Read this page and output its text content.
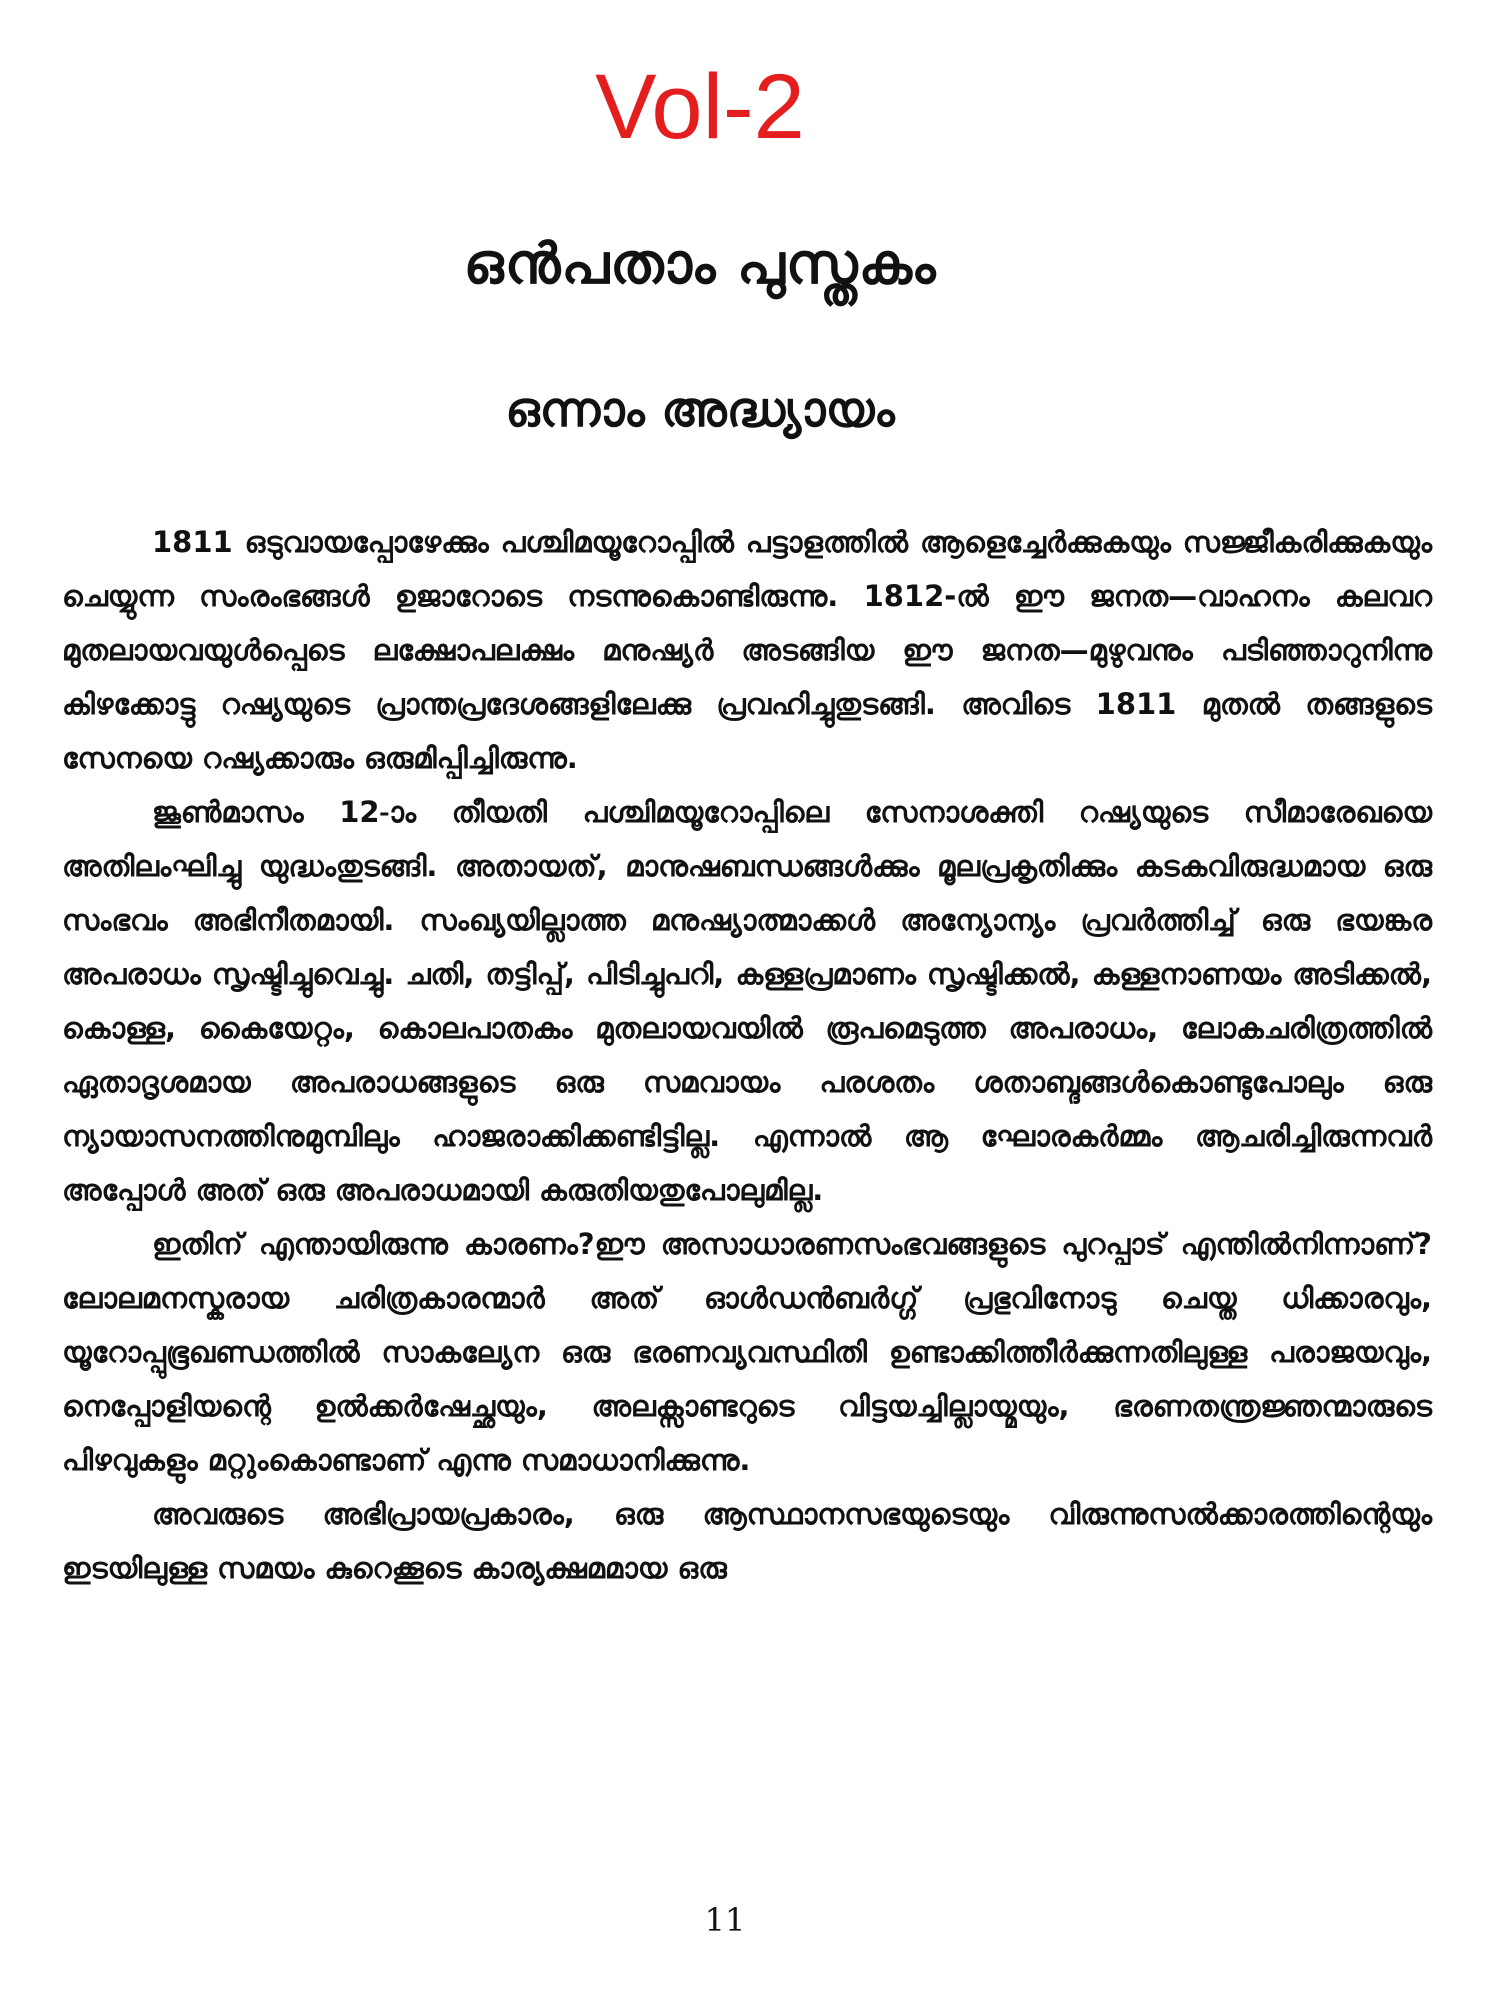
Vol-2
ഒൻപതാം പുസ്തകം
ഒന്നാം അദ്ധ്യായം

1811 ഒടുവായപ്പോഴേക്കും പശ്ചിമയൂറോപ്പിൽ പട്ടാളത്തിൽ ആളെച്ചേർക്കുകയും സജ്ജീകരിക്കുകയും ചെയ്യുന്ന സംരംഭങ്ങൾ ഉജാറോടെ നടന്നുകൊണ്ടിരുന്നു. 1812-ൽ ഈ ജനത—വാഹനം കലവറ മുതലായവയുൾപ്പെടെ ലക്ഷോപലക്ഷം മനുഷ്യർ അടങ്ങിയ ഈ ജനത—മുഴുവനും പടിഞ്ഞാറുനിന്നു കിഴക്കോട്ടു റഷ്യയുടെ പ്രാന്തപ്രദേശങ്ങളിലേക്കു പ്രവഹിച്ചുതുടങ്ങി. അവിടെ 1811 മുതൽ തങ്ങളുടെ സേനയെ റഷ്യക്കാരും ഒരുമിപ്പിച്ചിരുന്നു.

ജൂൺമാസം 12-ാം തീയതി പശ്ചിമയൂറോപ്പിലെ സേനാശക്തി റഷ്യയുടെ സീമാരേഖയെ അതിലംഘിച്ചു യുദ്ധംതുടങ്ങി. അതായത്, മാനുഷബന്ധങ്ങൾക്കും മൂലപ്രകൃതിക്കും കടകവിരുദ്ധമായ ഒരു സംഭവം അഭിനീതമായി. സംഖ്യയില്ലാത്ത മനുഷ്യാത്മാക്കൾ അന്യോന്യം പ്രവർത്തിച്ച് ഒരു ഭയങ്കര അപരാധം സൃഷ്ടിച്ചുവെച്ചു. ചതി, തട്ടിപ്പ്, പിടിച്ചുപറി, കള്ളപ്രമാണം സൃഷ്ടിക്കൽ, കള്ളനാണയം അടിക്കൽ, കൊള്ള, കൈയേറ്റം, കൊലപാതകം മുതലായവയിൽ രൂപമെടുത്ത അപരാധം, ലോകചരിത്രത്തിൽ ഏതാദൃശമായ അപരാധങ്ങളുടെ ഒരു സമവായം പരശതം ശതാബ്ദങ്ങൾകൊണ്ടുപോലും ഒരു ന്യായാസനത്തിനുമുമ്പിലും ഹാജരാക്കിക്കണ്ടിട്ടില്ല. എന്നാൽ ആ ഘോരകർമ്മം ആചരിച്ചിരുന്നവർ അപ്പോൾ അത് ഒരു അപരാധമായി കരുതിയതുപോലുമില്ല.

ഇതിന് എന്തായിരുന്നു കാരണം?ഈ അസാധാരണസംഭവങ്ങളുടെ പുറപ്പാട് എന്തിൽനിന്നാണ്? ലോലമനസ്കരായ ചരിത്രകാരന്മാർ അത് ഓൾഡൻബർഗ്ഗ് പ്രഭുവിനോടു ചെയ്ത ധിക്കാരവും, യൂറോപ്പുഭൂഖണ്ഡത്തിൽ സാകല്യേന ഒരു ഭരണവ്യവസ്ഥിതി ഉണ്ടാക്കിത്തീർക്കുന്നതിലുള്ള പരാജയവും, നെപ്പോളിയന്റെ ഉൽക്കർഷേച്ഛയും, അലക്സാണ്ടറുടെ വിട്ടയച്ചില്ലായ്മയും, ഭരണതന്ത്രജ്ഞന്മാരുടെ പിഴവുകളും മറ്റുംകൊണ്ടാണ് എന്നു സമാധാനിക്കുന്നു.

അവരുടെ അഭിപ്രായപ്രകാരം, ഒരു ആസ്ഥാനസഭയുടെയും വിരുന്നുസൽക്കാരത്തിന്റെയും ഇടയിലുള്ള സമയം കുറെക്കൂടെ കാര്യക്ഷമമായ ഒരു

11
